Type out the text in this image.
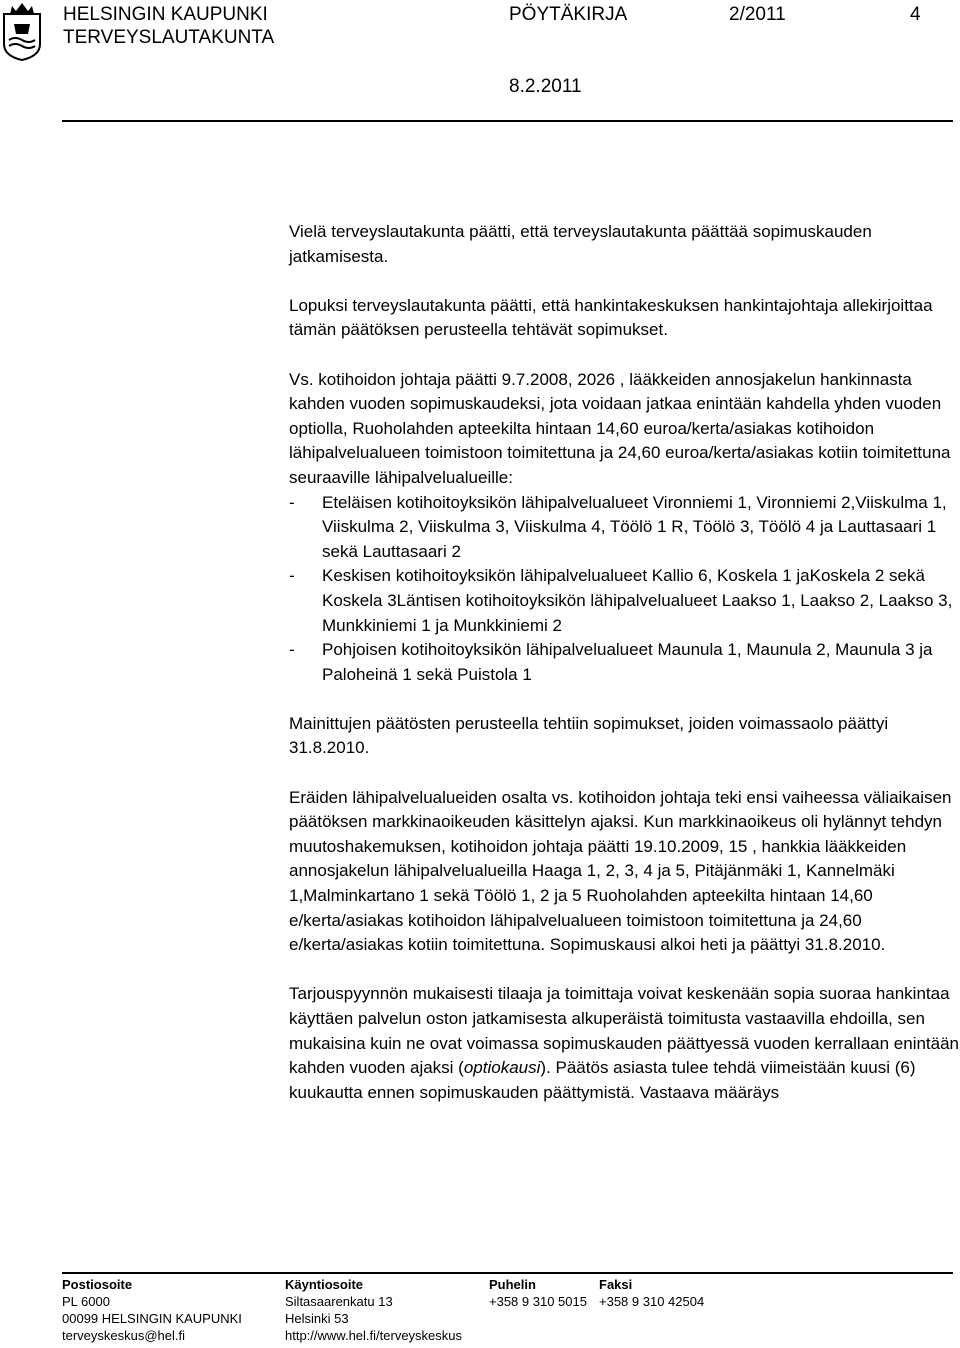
HELSINGIN KAUPUNKI
TERVEYSLAUTAKUNTA
PÖYTÄKIRJA	2/2011	4
8.2.2011

Vielä terveyslautakunta päätti, että terveyslautakunta päättää sopimuskauden jatkamisesta.

Lopuksi terveyslautakunta päätti, että hankintakeskuksen hankintajohtaja allekirjoittaa tämän päätöksen perusteella tehtävät sopimukset.

Vs. kotihoidon johtaja päätti 9.7.2008, 2026 , lääkkeiden annosjakelun hankinnasta kahden vuoden sopimuskaudeksi, jota voidaan jatkaa enintään kahdella yhden vuoden optiolla, Ruoholahden apteekilta hintaan 14,60 euroa/kerta/asiakas kotihoidon lähipalvelualueen toimistoon toimitettuna ja 24,60 euroa/kerta/asiakas kotiin toimitettuna seuraaville lähipalvelualueille:

- Eteläisen kotihoitoyksikön lähipalvelualueet Vironniemi 1, Vironniemi 2,Viiskulma 1, Viiskulma 2, Viiskulma 3, Viiskulma 4, Töölö 1 R, Töölö 3, Töölö 4 ja Lauttasaari 1 sekä Lauttasaari 2
- Keskisen kotihoitoyksikön lähipalvelualueet Kallio 6, Koskela 1 jaKoskela 2 sekä Koskela 3Läntisen kotihoitoyksikön lähipalvelualueet Laakso 1, Laakso 2, Laakso 3, Munkkiniemi 1 ja Munkkiniemi 2
- Pohjoisen kotihoitoyksikön lähipalvelualueet Maunula 1, Maunula 2, Maunula 3 ja Paloheinä 1 sekä Puistola 1

Mainittujen päätösten perusteella tehtiin sopimukset, joiden voimassaolo päättyi 31.8.2010.

Eräiden lähipalvelualueiden osalta vs. kotihoidon johtaja teki ensi vaiheessa väliaikaisen päätöksen markkinaoikeuden käsittelyn ajaksi. Kun markkinaoikeus oli hylännyt tehdyn muutoshakemuksen, kotihoidon johtaja päätti 19.10.2009, 15 , hankkia lääkkeiden annosjakelun lähipalvelualueilla Haaga 1, 2, 3, 4 ja 5, Pitäjänmäki 1, Kannelmäki 1,Malminkartano 1 sekä Töölö 1, 2 ja 5 Ruoholahden apteekilta hintaan 14,60 e/kerta/asiakas kotihoidon lähipalvelualueen toimistoon toimitettuna ja 24,60 e/kerta/asiakas kotiin toimitettuna. Sopimuskausi alkoi heti ja päättyi 31.8.2010.

Tarjouspyynnön mukaisesti tilaaja ja toimittaja voivat keskenään sopia suoraa hankintaa käyttäen palvelun oston jatkamisesta alkuperäistä toimitusta vastaavilla ehdoilla, sen mukaisina kuin ne ovat voimassa sopimuskauden päättyessä vuoden kerrallaan enintään kahden vuoden ajaksi (optiokausi). Päätös asiasta tulee tehdä viimeistään kuusi (6) kuukautta ennen sopimuskauden päättymistä. Vastaava määräys

Postiosoite
PL 6000
00099 HELSINGIN KAUPUNKI
terveyskeskus@hel.fi
Käyntiosoite
Siltasaarenkatu 13
Helsinki 53
http://www.hel.fi/terveyskeskus
Puhelin
+358 9 310 5015
Faksi
+358 9 310 42504
